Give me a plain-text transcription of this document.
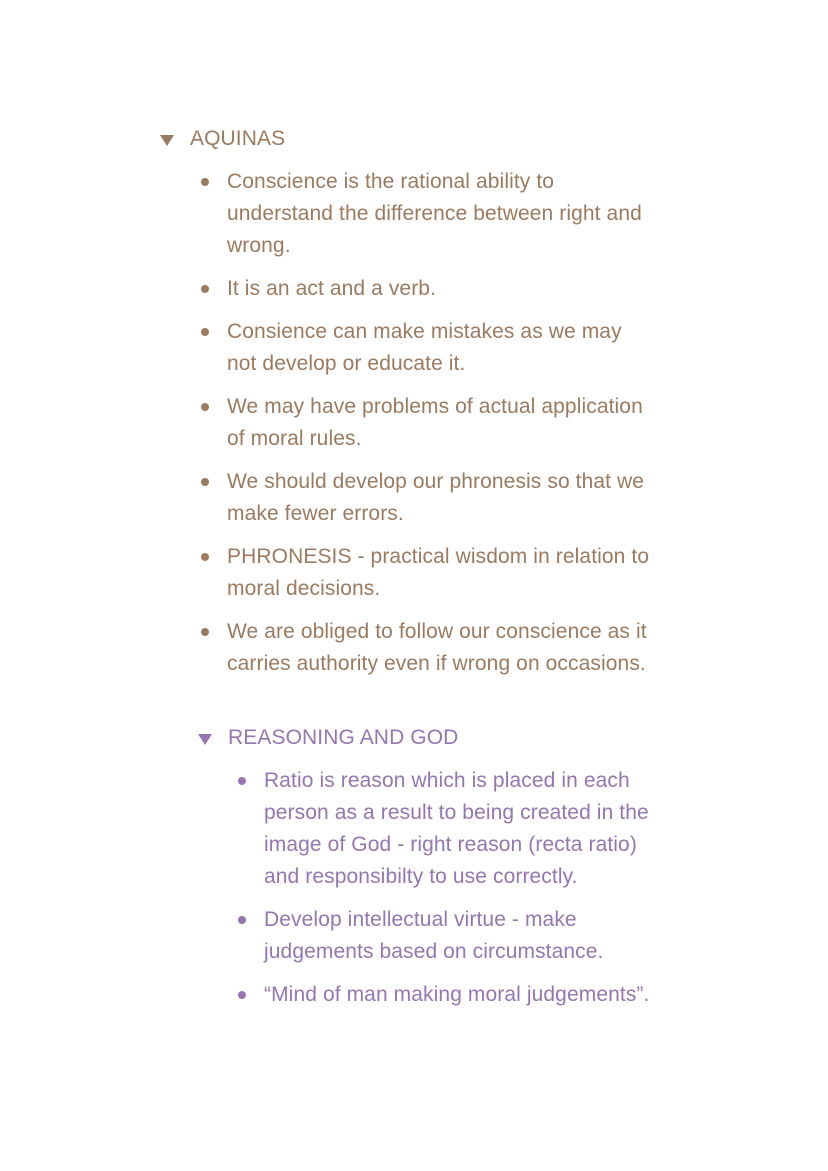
AQUINAS
Conscience is the rational ability to understand the difference between right and wrong.
It is an act and a verb.
Consience can make mistakes as we may not develop or educate it.
We may have problems of actual application of moral rules.
We should develop our phronesis so that we make fewer errors.
PHRONESIS - practical wisdom in relation to moral decisions.
We are obliged to follow our conscience as it carries authority even if wrong on occasions.
REASONING AND GOD
Ratio is reason which is placed in each person as a result to being created in the image of God - right reason (recta ratio) and responsibilty to use correctly.
Develop intellectual virtue - make judgements based on circumstance.
“Mind of man making moral judgements”.
